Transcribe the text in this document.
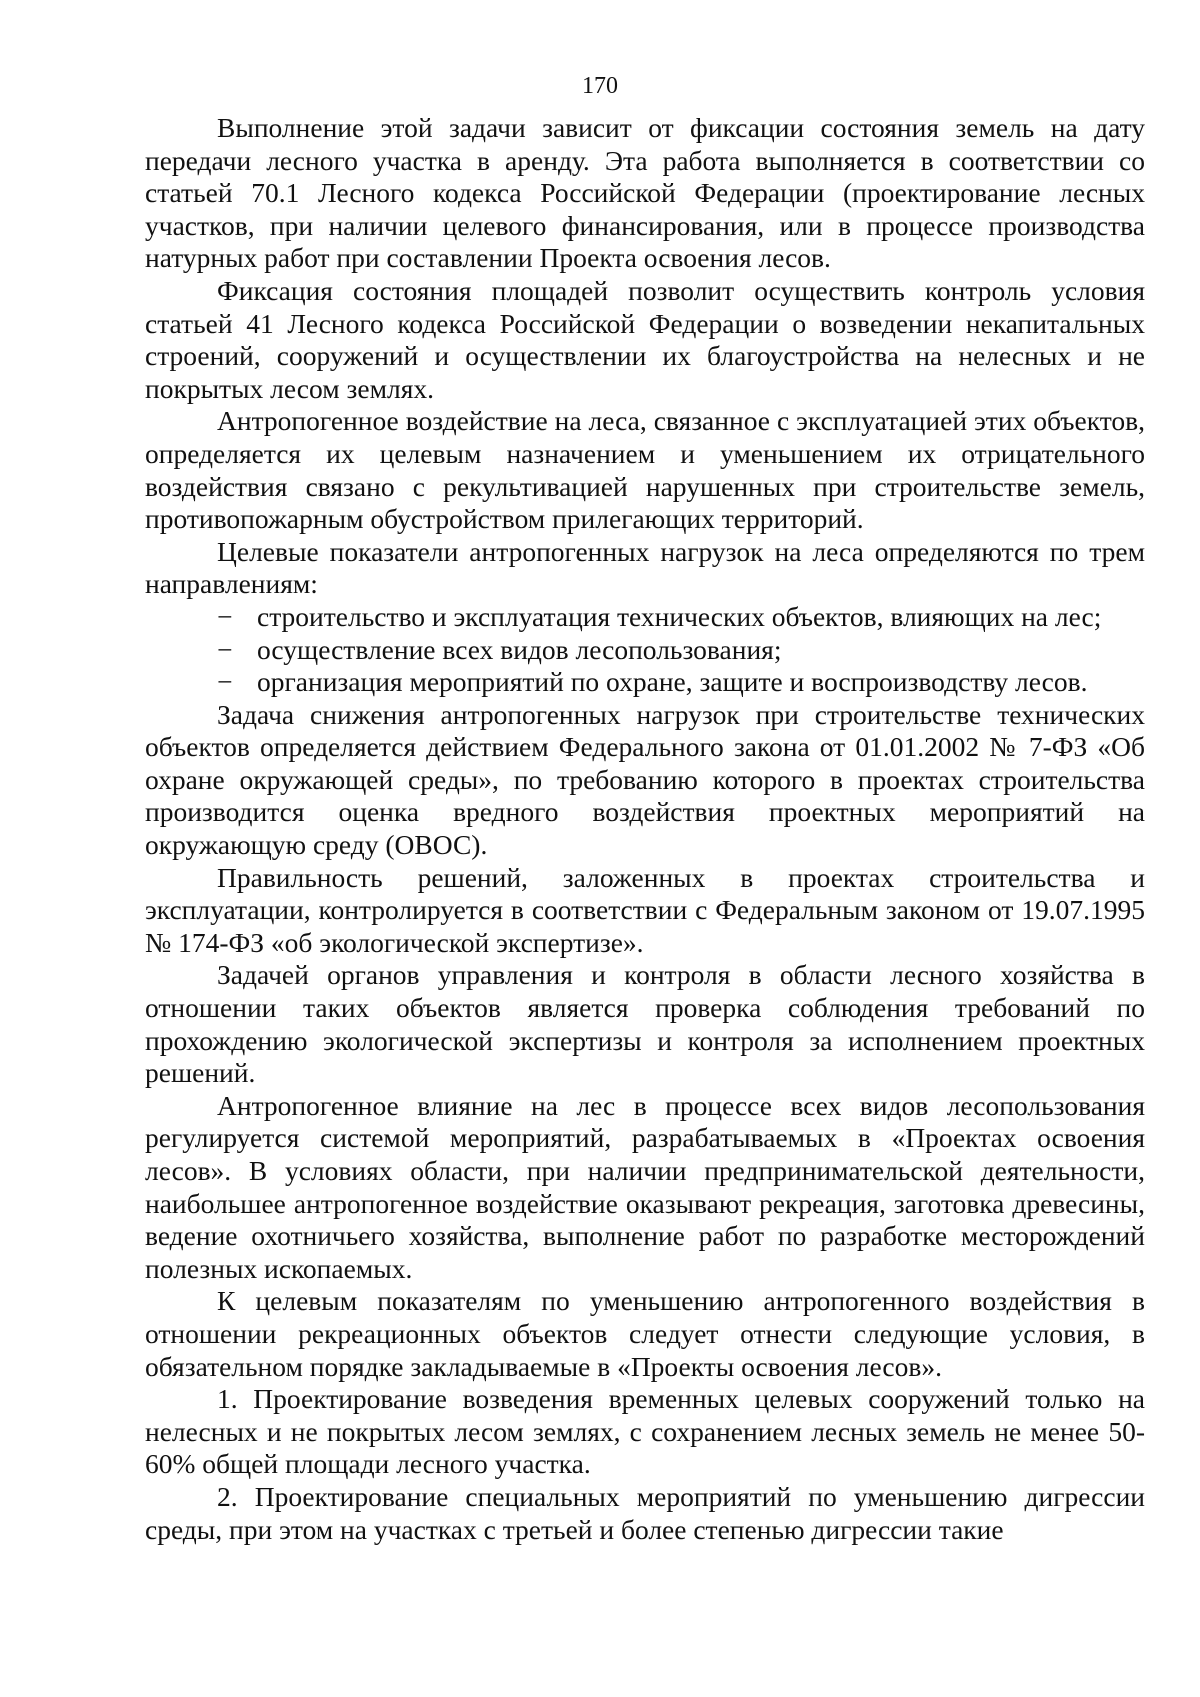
170

Выполнение этой задачи зависит от фиксации состояния земель на дату передачи лесного участка в аренду. Эта работа выполняется в соответствии со статьей 70.1 Лесного кодекса Российской Федерации (проектирование лесных участков, при наличии целевого финансирования, или в процессе производства натурных работ при составлении Проекта освоения лесов.

Фиксация состояния площадей позволит осуществить контроль условия статьей 41 Лесного кодекса Российской Федерации о возведении некапитальных строений, сооружений и осуществлении их благоустройства на нелесных и не покрытых лесом землях.

Антропогенное воздействие на леса, связанное с эксплуатацией этих объектов, определяется их целевым назначением и уменьшением их отрицательного воздействия связано с рекультивацией нарушенных при строительстве земель, противопожарным обустройством прилегающих территорий.

Целевые показатели антропогенных нагрузок на леса определяются по трем направлениям:

− строительство и эксплуатация технических объектов, влияющих на лес;
− осуществление всех видов лесопользования;
− организация мероприятий по охране, защите и воспроизводству лесов.

Задача снижения антропогенных нагрузок при строительстве технических объектов определяется действием Федерального закона от 01.01.2002 № 7-ФЗ «Об охране окружающей среды», по требованию которого в проектах строительства производится оценка вредного воздействия проектных мероприятий на окружающую среду (ОВОС).

Правильность решений, заложенных в проектах строительства и эксплуатации, контролируется в соответствии с Федеральным законом от 19.07.1995 № 174-ФЗ «об экологической экспертизе».

Задачей органов управления и контроля в области лесного хозяйства в отношении таких объектов является проверка соблюдения требований по прохождению экологической экспертизы и контроля за исполнением проектных решений.

Антропогенное влияние на лес в процессе всех видов лесопользования регулируется системой мероприятий, разрабатываемых в «Проектах освоения лесов». В условиях области, при наличии предпринимательской деятельности, наибольшее антропогенное воздействие оказывают рекреация, заготовка древесины, ведение охотничьего хозяйства, выполнение работ по разработке месторождений полезных ископаемых.

К целевым показателям по уменьшению антропогенного воздействия в отношении рекреационных объектов следует отнести следующие условия, в обязательном порядке закладываемые в «Проекты освоения лесов».

1. Проектирование возведения временных целевых сооружений только на нелесных и не покрытых лесом землях, с сохранением лесных земель не менее 50-60% общей площади лесного участка.

2. Проектирование специальных мероприятий по уменьшению дигрессии среды, при этом на участках с третьей и более степенью дигрессии такие
